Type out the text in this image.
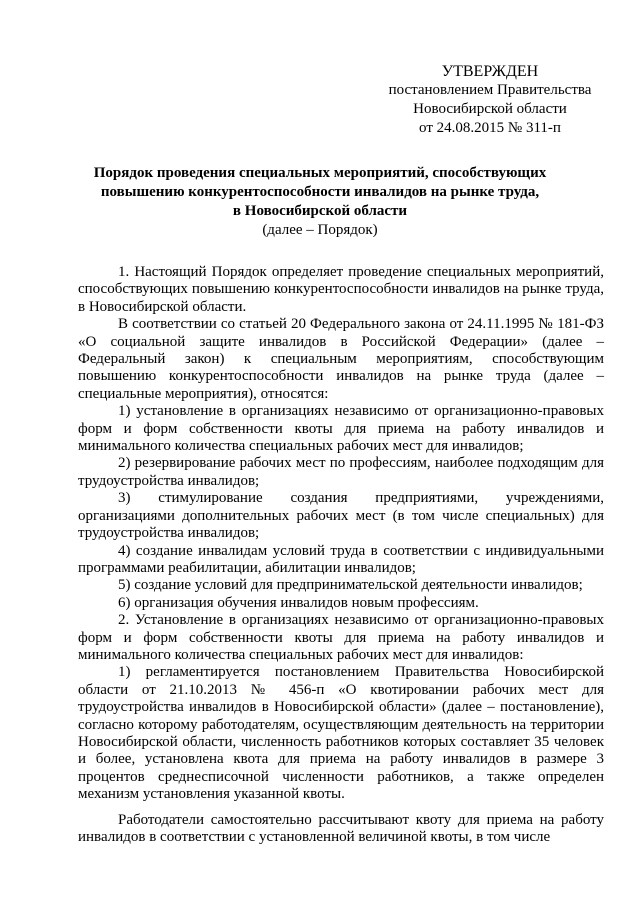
УТВЕРЖДЕН
постановлением Правительства
Новосибирской области
от 24.08.2015 № 311-п
Порядок проведения специальных мероприятий, способствующих
повышению конкурентоспособности инвалидов на рынке труда,
в Новосибирской области
(далее – Порядок)

1. Настоящий Порядок определяет проведение специальных мероприятий, способствующих повышению конкурентоспособности инвалидов на рынке труда, в Новосибирской области.

В соответствии со статьей 20 Федерального закона от 24.11.1995 № 181-ФЗ «О социальной защите инвалидов в Российской Федерации» (далее – Федеральный закон) к специальным мероприятиям, способствующим повышению конкурентоспособности инвалидов на рынке труда (далее – специальные мероприятия), относятся:

1) установление в организациях независимо от организационно-правовых форм и форм собственности квоты для приема на работу инвалидов и минимального количества специальных рабочих мест для инвалидов;

2) резервирование рабочих мест по профессиям, наиболее подходящим для трудоустройства инвалидов;

3) стимулирование создания предприятиями, учреждениями, организациями дополнительных рабочих мест (в том числе специальных) для трудоустройства инвалидов;

4) создание инвалидам условий труда в соответствии с индивидуальными программами реабилитации, абилитации инвалидов;

5) создание условий для предпринимательской деятельности инвалидов;

6) организация обучения инвалидов новым профессиям.

2. Установление в организациях независимо от организационно-правовых форм и форм собственности квоты для приема на работу инвалидов и минимального количества специальных рабочих мест для инвалидов:

1) регламентируется постановлением Правительства Новосибирской области от 21.10.2013 № 456-п «О квотировании рабочих мест для трудоустройства инвалидов в Новосибирской области» (далее – постановление), согласно которому работодателям, осуществляющим деятельность на территории Новосибирской области, численность работников которых составляет 35 человек и более, установлена квота для приема на работу инвалидов в размере 3 процентов среднесписочной численности работников, а также определен механизм установления указанной квоты.

Работодатели самостоятельно рассчитывают квоту для приема на работу инвалидов в соответствии с установленной величиной квоты, в том числе
